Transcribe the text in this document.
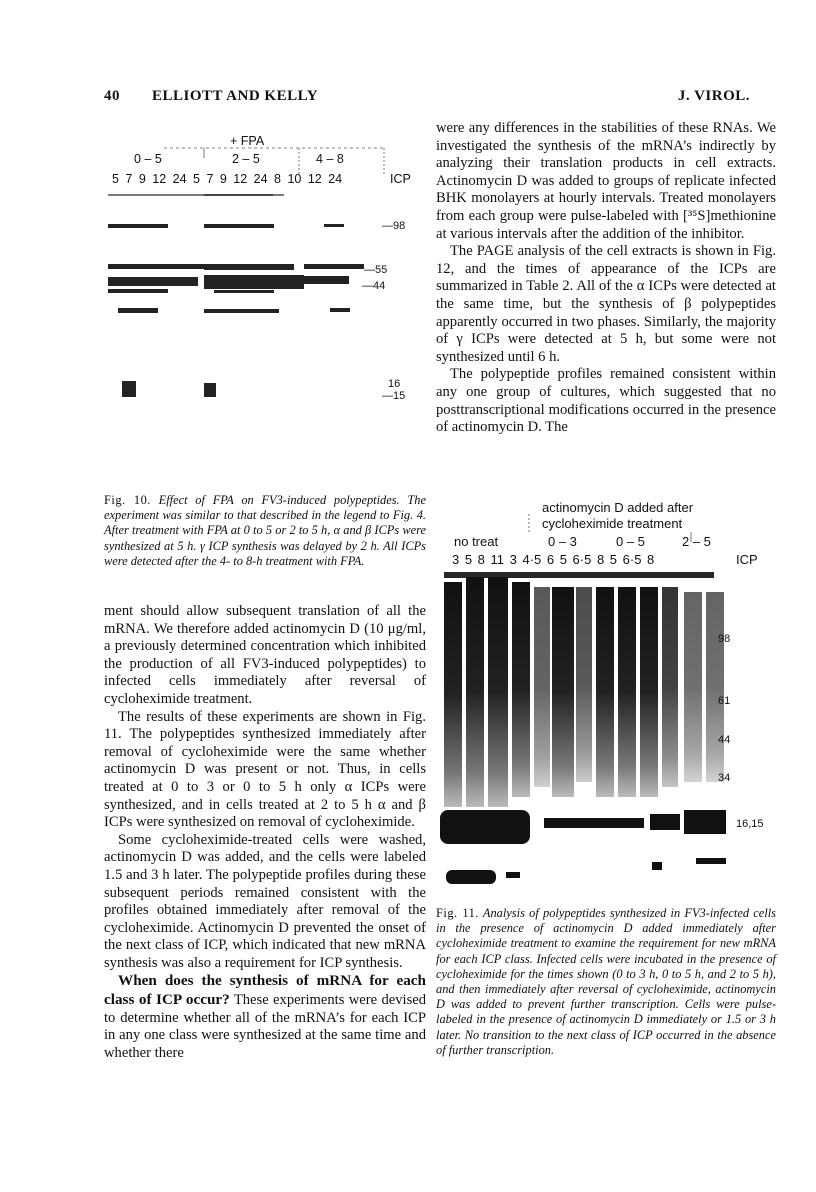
40 ELLIOTT AND KELLY	J. VIROL.
+ FPA
0 – 5	2 – 5	4 – 8
5 7 9 12 24 5 7 9 12 24 8 10 12 24	ICP
—98
—55
—44
16
—15

were any differences in the stabilities of these RNAs. We investigated the synthesis of the mRNA’s indirectly by analyzing their translation products in cell extracts. Actinomycin D was added to groups of replicate infected BHK monolayers at hourly intervals. Treated monolayers from each group were pulse-labeled with [³⁵S]methionine at various intervals after the addition of the inhibitor.

The PAGE analysis of the cell extracts is shown in Fig. 12, and the times of appearance of the ICPs are summarized in Table 2. All of the α ICPs were detected at the same time, but the synthesis of β polypeptides apparently occurred in two phases. Similarly, the majority of γ ICPs were detected at 5 h, but some were not synthesized until 6 h.

The polypeptide profiles remained consistent within any one group of cultures, which suggested that no posttranscriptional modifications occurred in the presence of actinomycin D. The

Fig. 10. Effect of FPA on FV3-induced polypeptides. The experiment was similar to that described in the legend to Fig. 4. After treatment with FPA at 0 to 5 or 2 to 5 h, α and β ICPs were synthesized at 5 h. γ ICP synthesis was delayed by 2 h. All ICPs were detected after the 4- to 8-h treatment with FPA.

ment should allow subsequent translation of all the mRNA. We therefore added actinomycin D (10 μg/ml, a previously determined concentration which inhibited the production of all FV3-induced polypeptides) to infected cells immediately after reversal of cycloheximide treatment.

The results of these experiments are shown in Fig. 11. The polypeptides synthesized immediately after removal of cycloheximide were the same whether actinomycin D was present or not. Thus, in cells treated at 0 to 3 or 0 to 5 h only α ICPs were synthesized, and in cells treated at 2 to 5 h α and β ICPs were synthesized on removal of cycloheximide.

Some cycloheximide-treated cells were washed, actinomycin D was added, and the cells were labeled 1.5 and 3 h later. The polypeptide profiles during these subsequent periods remained consistent with the profiles obtained immediately after removal of the cycloheximide. Actinomycin D prevented the onset of the next class of ICP, which indicated that new mRNA synthesis was also a requirement for ICP synthesis.

When does the synthesis of mRNA for each class of ICP occur? These experiments were devised to determine whether all of the mRNA’s for each ICP in any one class were synthesized at the same time and whether there

actinomycin D added after
cycloheximide treatment
no treat	0 – 3	0 – 5	2 – 5
3 5 8 11 3 4·5 6 5 6·5 8 5 6·5 8	ICP
98
61
44
34
16,15
Fig. 11. Analysis of polypeptides synthesized in FV3-infected cells in the presence of actinomycin D added immediately after cycloheximide treatment to examine the requirement for new mRNA for each ICP class. Infected cells were incubated in the presence of cycloheximide for the times shown (0 to 3 h, 0 to 5 h, and 2 to 5 h), and then immediately after reversal of cycloheximide, actinomycin D was added to prevent further transcription. Cells were pulse-labeled in the presence of actinomycin D immediately or 1.5 or 3 h later. No transition to the next class of ICP occurred in the absence of further transcription.
